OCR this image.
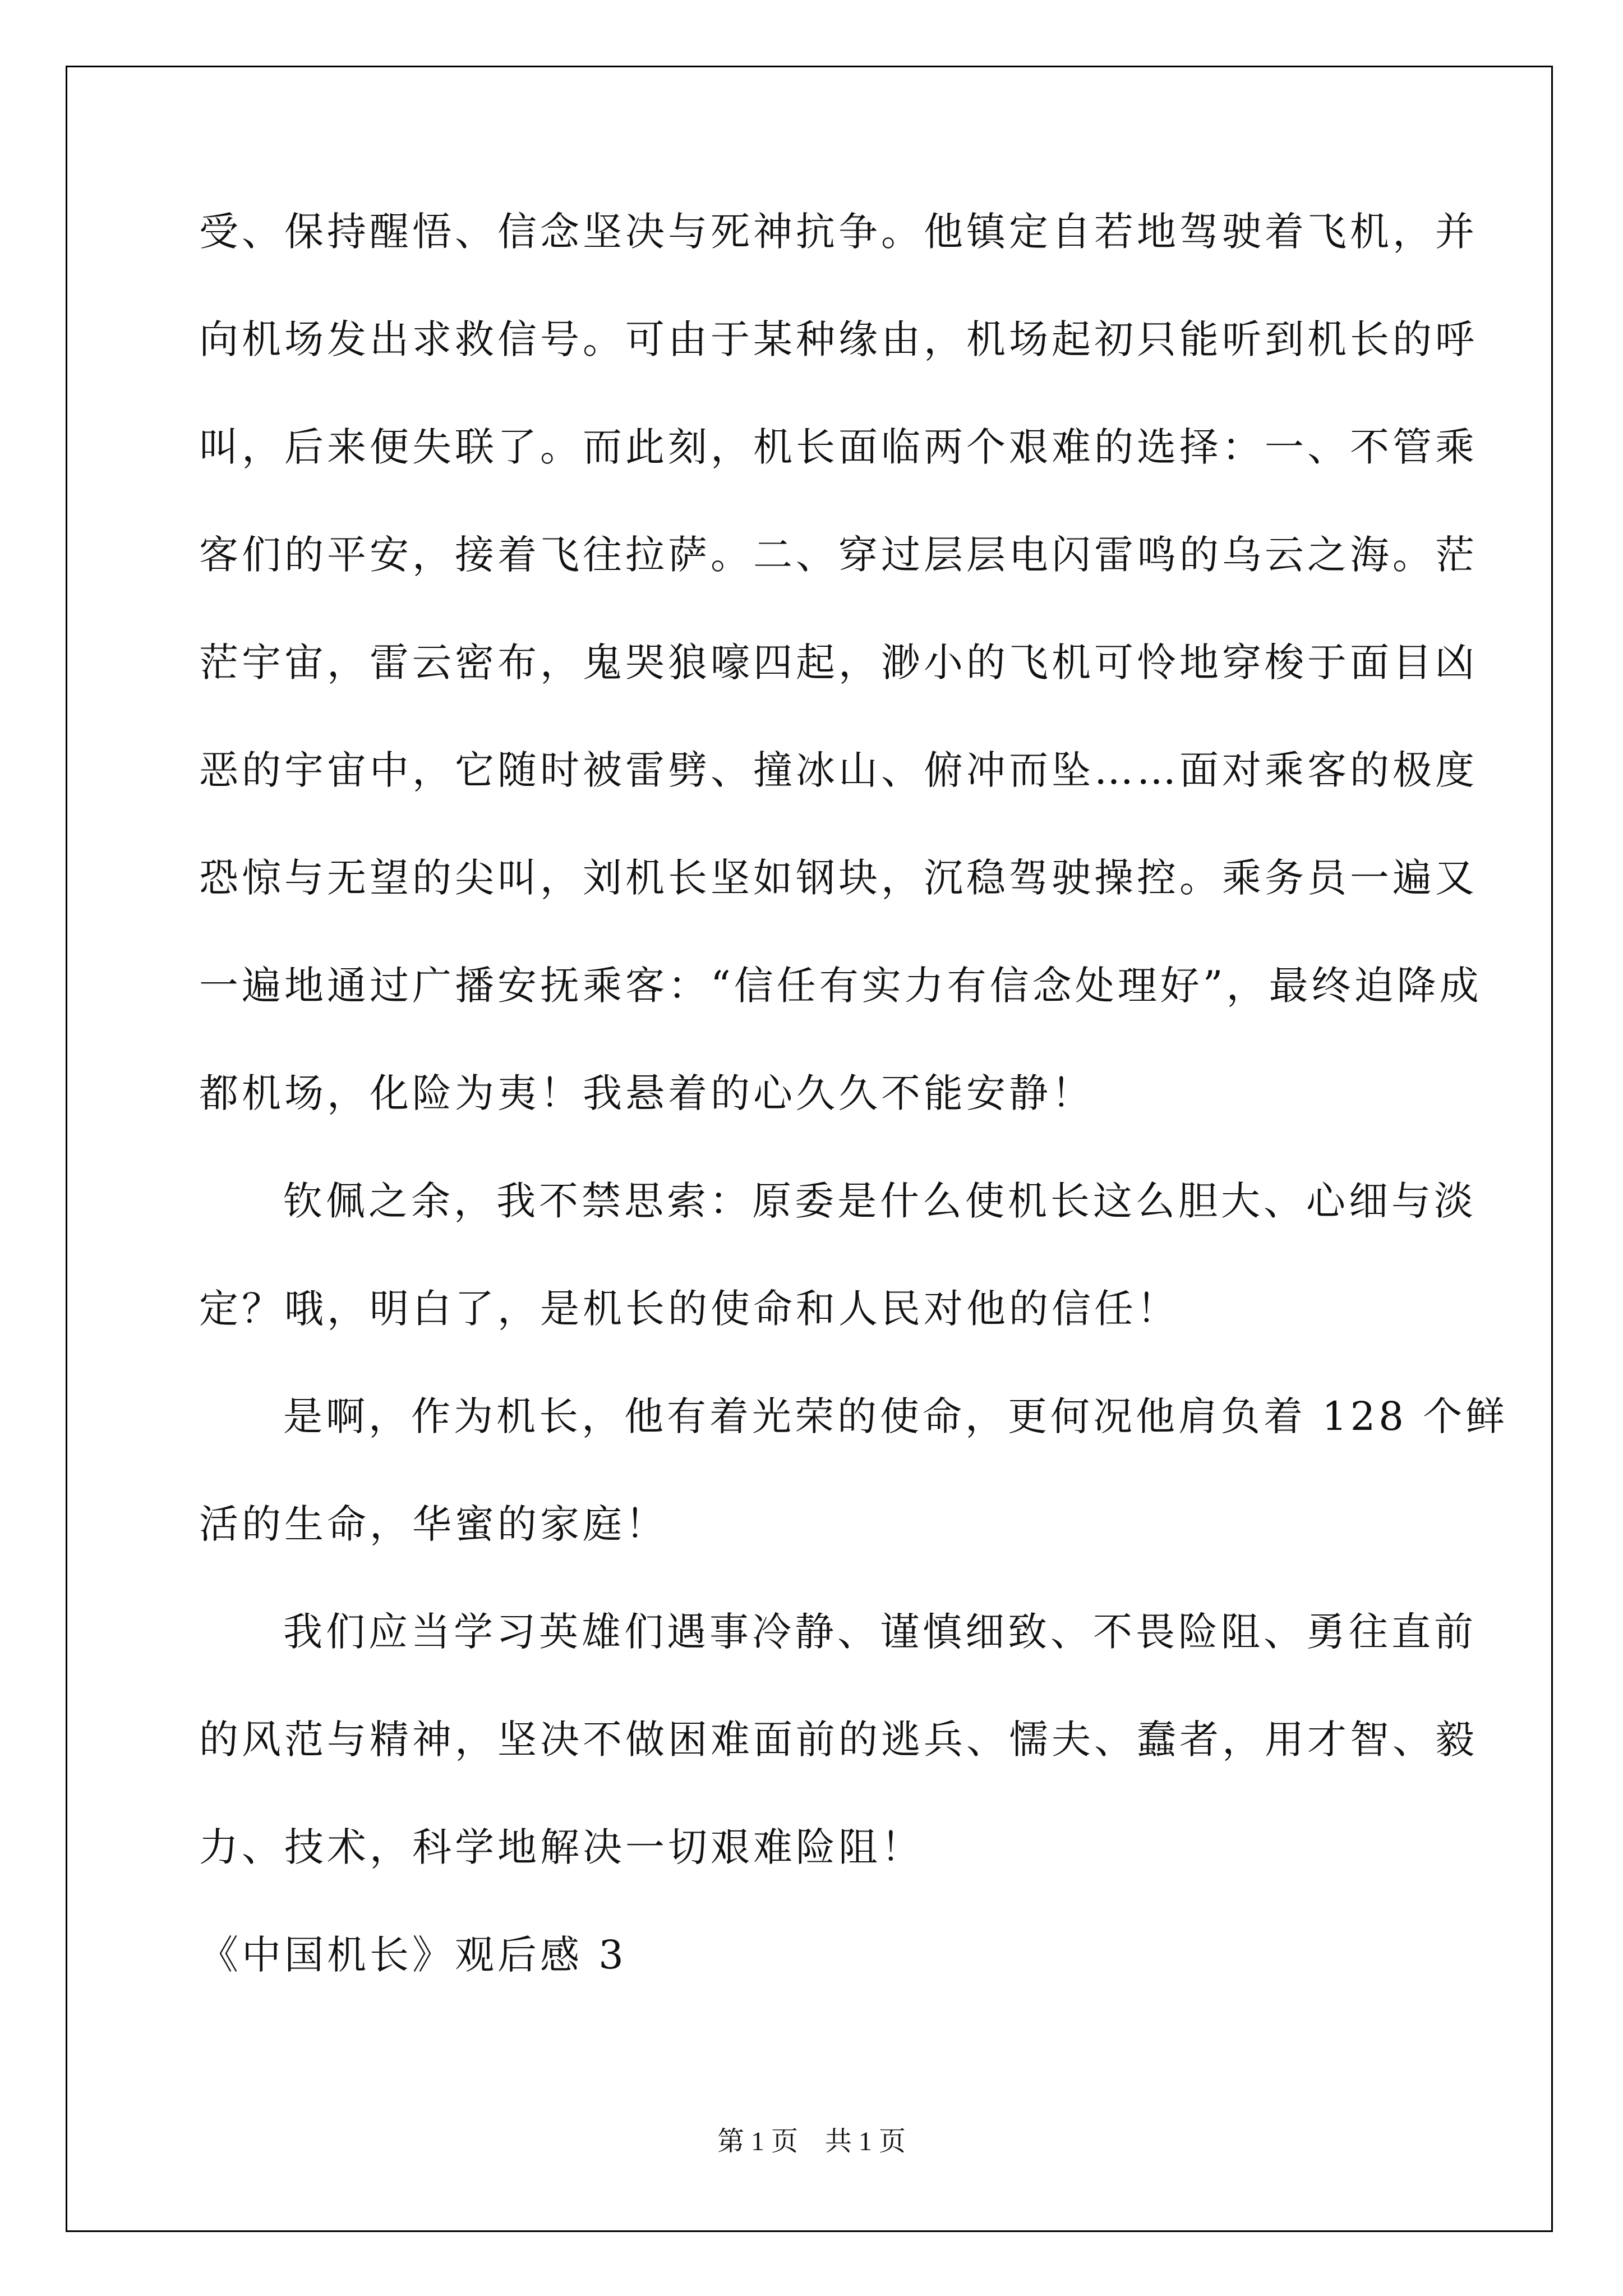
受、保持醒悟、信念坚决与死神抗争。他镇定自若地驾驶着飞机，并
向机场发出求救信号。可由于某种缘由，机场起初只能听到机长的呼
叫，后来便失联了。而此刻，机长面临两个艰难的选择：一、不管乘
客们的平安，接着飞往拉萨。二、穿过层层电闪雷鸣的乌云之海。茫
茫宇宙，雷云密布，鬼哭狼嚎四起，渺小的飞机可怜地穿梭于面目凶
恶的宇宙中，它随时被雷劈、撞冰山、俯冲而坠……面对乘客的极度
恐惊与无望的尖叫，刘机长坚如钢块，沉稳驾驶操控。乘务员一遍又
一遍地通过广播安抚乘客：“信任有实力有信念处理好”，最终迫降成
都机场，化险为夷！我悬着的心久久不能安静！
钦佩之余，我不禁思索：原委是什么使机长这么胆大、心细与淡
定？哦，明白了，是机长的使命和人民对他的信任！
是啊，作为机长，他有着光荣的使命，更何况他肩负着 128 个鲜
活的生命，华蜜的家庭！
我们应当学习英雄们遇事冷静、谨慎细致、不畏险阻、勇往直前
的风范与精神，坚决不做困难面前的逃兵、懦夫、蠢者，用才智、毅
力、技术，科学地解决一切艰难险阻！
《中国机长》观后感 3
第 1 页　共 1 页
